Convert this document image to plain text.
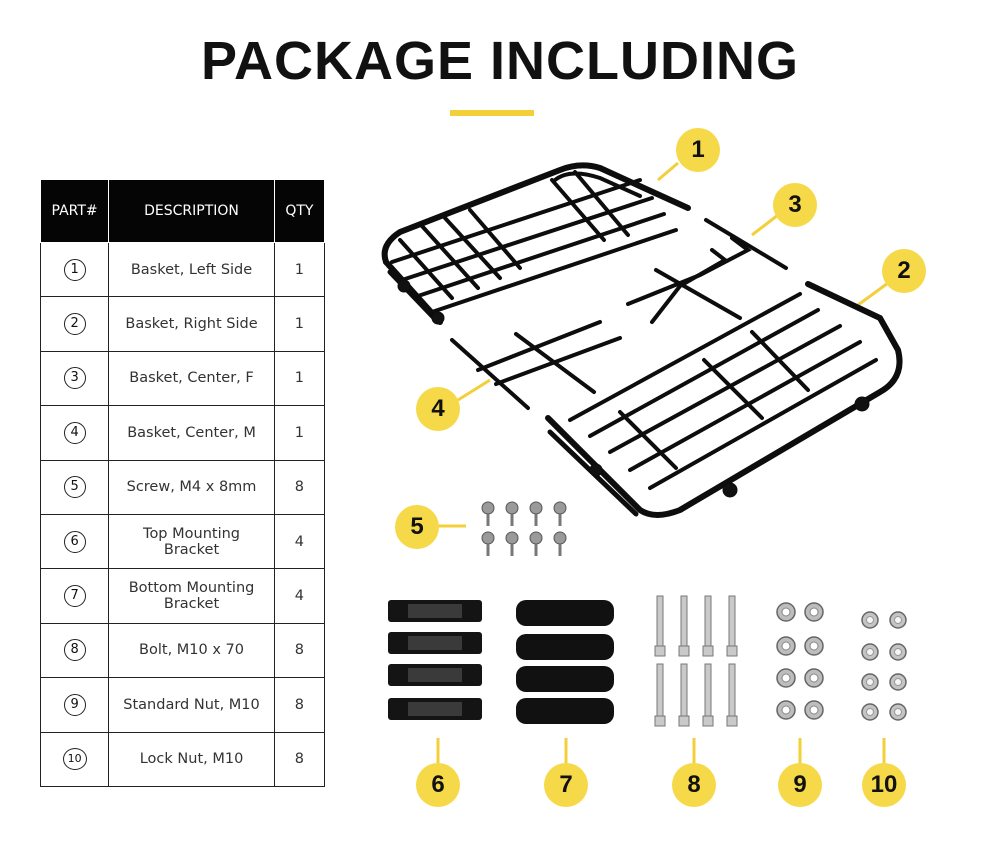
PACKAGE INCLUDING
PART#	DESCRIPTION	QTY
1	Basket, Left Side	1
2	Basket, Right Side	1
3	Basket, Center, F	1
4	Basket, Center, M	1
5	Screw, M4 x 8mm	8
6	Top Mounting Bracket	4
7	Bottom Mounting Bracket	4
8	Bolt, M10 x 70	8
9	Standard Nut, M10	8
10	Lock Nut, M10	8
1
2
3
4
5
6	7	8	9	10
